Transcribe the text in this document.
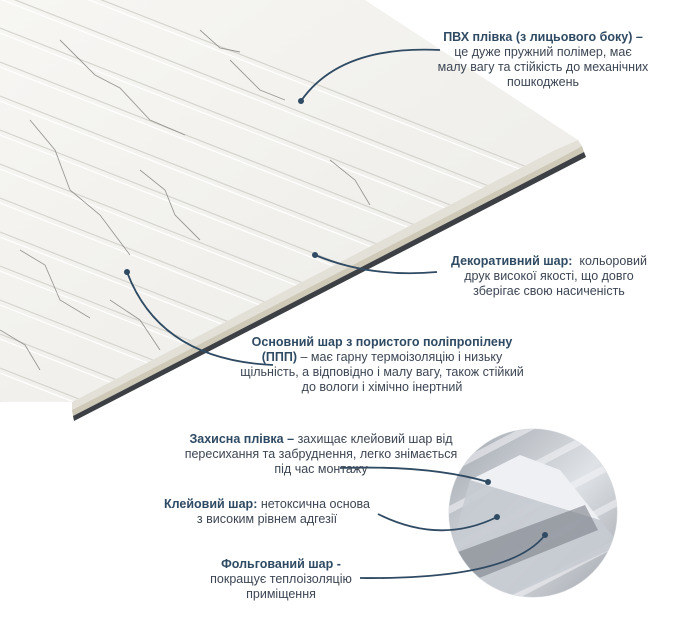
ПВХ плівка (з лицьового боку) –
це дуже пружний полімер, має
малу вагу та стійкість до механічних
пошкоджень
Декоративний шар: кольоровий
друк високої якості, що довго
зберігає свою насиченість
Основний шар з пористого поліпропілену
(ППП) – має гарну термоізоляцію і низьку
щільність, а відповідно і малу вагу, також стійкий
до вологи і хімічно інертний
Захисна плівка – захищає клейовий шар від
пересихання та забруднення, легко знімається
під час монтажу
Клейовий шар: нетоксична основа
з високим рівнем адгезії
Фольгований шар -
покращує теплоізоляцію
приміщення
